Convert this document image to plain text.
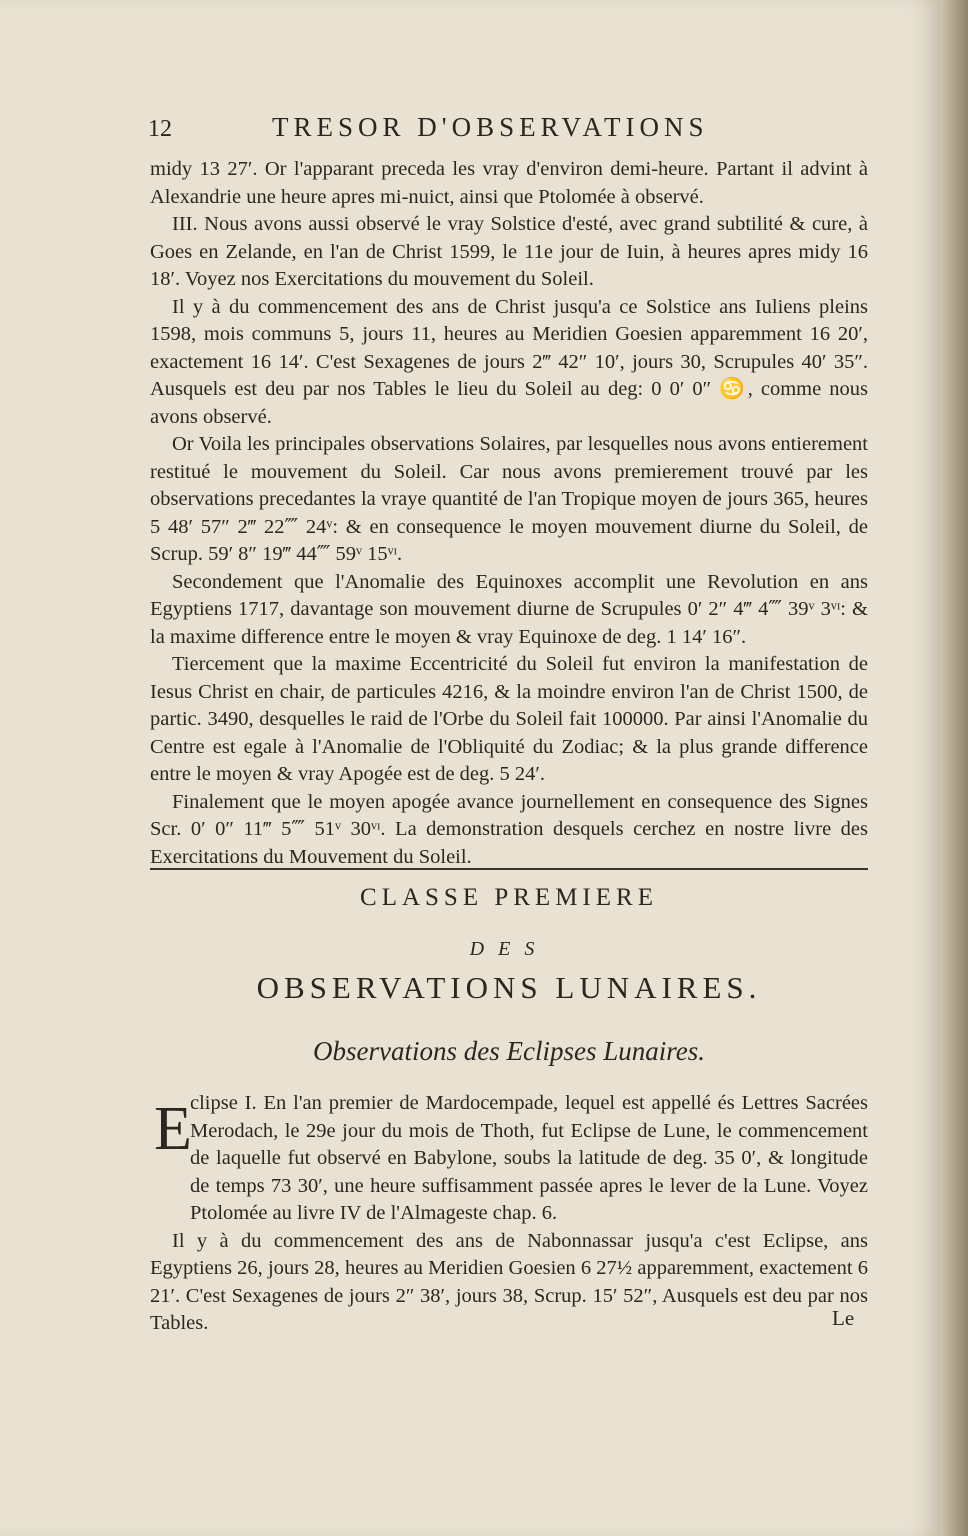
12	TRESOR D'OBSERVATIONS

midy 13 27′. Or l'apparant preceda les vray d'environ demi-heure. Partant il advint à Alexandrie une heure apres mi-nuict, ainsi que Ptolomée à observé.

III. Nous avons aussi observé le vray Solstice d'esté, avec grand subtilité & cure, à Goes en Zelande, en l'an de Christ 1599, le 11e jour de Iuin, à heures apres midy 16 18′. Voyez nos Exercitations du mouvement du Soleil.

Il y à du commencement des ans de Christ jusqu'a ce Solstice ans Iuliens pleins 1598, mois communs 5, jours 11, heures au Meridien Goesien apparemment 16 20′, exactement 16 14′. C'est Sexagenes de jours 2‴ 42″ 10′, jours 30, Scrupules 40′ 35″. Ausquels est deu par nos Tables le lieu du Soleil au deg: 0 0′ 0″ ♋, comme nous avons observé.

Or Voila les principales observations Solaires, par lesquelles nous avons entierement restitué le mouvement du Soleil. Car nous avons premierement trouvé par les observations precedantes la vraye quantité de l'an Tropique moyen de jours 365, heures 5 48′ 57″ 2‴ 22⁗ 24ᵛ: & en consequence le moyen mouvement diurne du Soleil, de Scrup. 59′ 8″ 19‴ 44⁗ 59ᵛ 15ᵛᶦ.

Secondement que l'Anomalie des Equinoxes accomplit une Revolution en ans Egyptiens 1717, davantage son mouvement diurne de Scrupules 0′ 2″ 4‴ 4⁗ 39ᵛ 3ᵛᶦ: & la maxime difference entre le moyen & vray Equinoxe de deg. 1 14′ 16″.

Tiercement que la maxime Eccentricité du Soleil fut environ la manifestation de Iesus Christ en chair, de particules 4216, & la moindre environ l'an de Christ 1500, de partic. 3490, desquelles le raid de l'Orbe du Soleil fait 100000. Par ainsi l'Anomalie du Centre est egale à l'Anomalie de l'Obliquité du Zodiac; & la plus grande difference entre le moyen & vray Apogée est de deg. 5 24′.

Finalement que le moyen apogée avance journellement en consequence des Signes Scr. 0′ 0″ 11‴ 5⁗ 51ᵛ 30ᵛᶦ. La demonstration desquels cerchez en nostre livre des Exercitations du Mouvement du Soleil.

CLASSE PREMIERE
DES
OBSERVATIONS LUNAIRES.
Observations des Eclipses Lunaires.
E

clipse I. En l'an premier de Mardocempade, lequel est appellé és Lettres Sacrées Merodach, le 29e jour du mois de Thoth, fut Eclipse de Lune, le commencement de laquelle fut observé en Babylone, soubs la latitude de deg. 35 0′, & longitude de temps 73 30′, une heure suffisamment passée apres le lever de la Lune. Voyez Ptolomée au livre IV de l'Almageste chap. 6.

Il y à du commencement des ans de Nabonnassar jusqu'a c'est Eclipse, ans Egyptiens 26, jours 28, heures au Meridien Goesien 6 27½ apparemment, exactement 6 21′. C'est Sexagenes de jours 2″ 38′, jours 38, Scrup. 15′ 52″, Ausquels est deu par nos Tables.	Le
